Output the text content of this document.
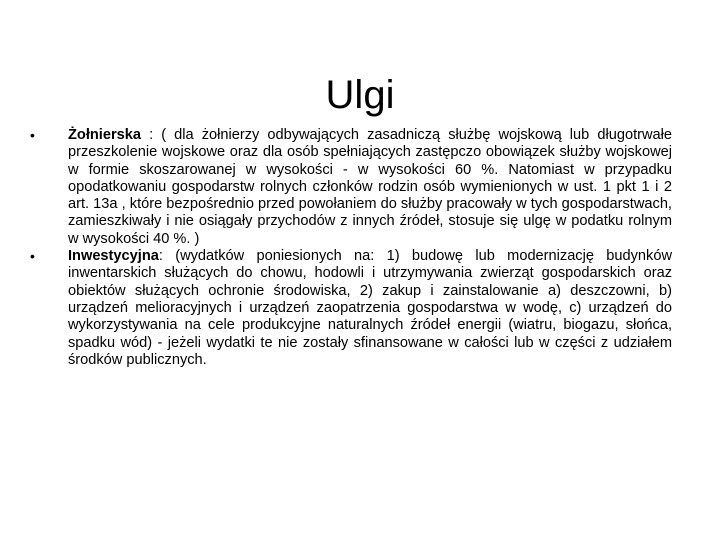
Ulgi
•	Żołnierska : ( dla żołnierzy odbywających zasadniczą służbę wojskową lub długotrwałe przeszkolenie wojskowe oraz dla osób spełniających zastępczo obowiązek służby wojskowej w formie skoszarowanej w wysokości - w wysokości 60 %. Natomiast w przypadku opodatkowaniu gospodarstw rolnych członków rodzin osób wymienionych w ust. 1 pkt 1 i 2 art. 13a , które bezpośrednio przed powołaniem do służby pracowały w tych gospodarstwach, zamieszkiwały i nie osiągały przychodów z innych źródeł, stosuje się ulgę w podatku rolnym w wysokości 40 %. )
•	Inwestycyjna: (wydatków poniesionych na: 1) budowę lub modernizację budynków inwentarskich służących do chowu, hodowli i utrzymywania zwierząt gospodarskich oraz obiektów służących ochronie środowiska, 2) zakup i zainstalowanie a) deszczowni, b) urządzeń melioracyjnych i urządzeń zaopatrzenia gospodarstwa w wodę, c) urządzeń do wykorzystywania na cele produkcyjne naturalnych źródeł energii (wiatru, biogazu, słońca, spadku wód) - jeżeli wydatki te nie zostały sfinansowane w całości lub w części z udziałem środków publicznych.
